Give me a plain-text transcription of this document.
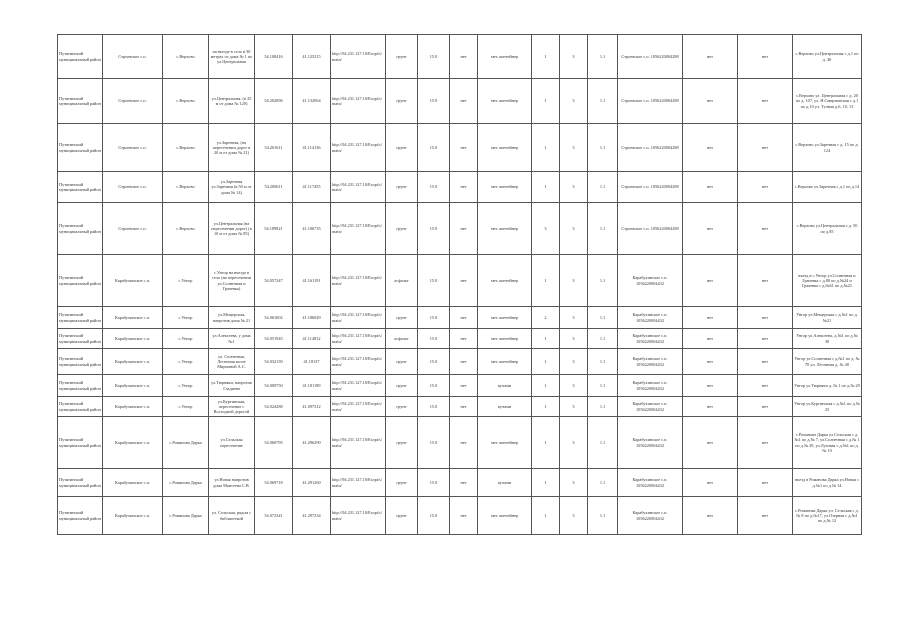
Путятинский муниципальный район	Строевское с.п.	с.Верхово	на въезде в село в 30 метрах от дома № 1 по ул.Центральная	54.108416	41.125215	http://94.231.127.10/Esopt/s/main/	грунт	15.0	нет	мет. контейнер	1	3	1.1	Строевское с.п. 1056220004288	нет	нет	с.Верхово ул.Центральная с д.1 по д. 40
Путятинский муниципальный район	Строевское с.п.	с.Верхово	ул.Центральная, (в 25 м от дома № 120)	54.202096	41.132064	http://94.231.127.10/Esopt/s/main/	грунт	15.0	нет	мет. контейнер	1	3	1.1	Строевское с.п. 1056220004288	нет	нет	с.Верхово ул. Центральная с д. 20 по д. 107, ул. Н.Смирновская с д.1 по д.10 ул. Тучная д.6, 10, 13
Путятинский муниципальный район	Строевское с.п.	с.Верхово	ул.Заречная, (на пересечении дорог в 20 м от дома № 21)	54.201611	41.114136	http://94.231.127.10/Esopt/s/main/	грунт	15.0	нет	мет. контейнер	1	3	1.1	Строевское с.п. 1056220004288	нет	нет	с.Верхово ул.Заречная с д. 15 по д. 124
Путятинский муниципальный район	Строевское с.п.	с.Верхово	ул.Заречная ул.Заречная (в 50 м от дома № 14)	54.200611	41.117455	http://94.231.127.10/Esopt/s/main/	грунт	15.0	нет	мет. контейнер	1	3	1.1	Строевское с.п. 1056220004288	нет	нет	с.Верхово ул.Заречная с д.1 по д.14
Путятинский муниципальный район	Строевское с.п.	с.Верхово	ул.Центральная (на пересечении дорог) (в 10 м от дома № 85)	54.189821	41.106735	http://94.231.127.10/Esopt/s/main/	грунт	15.0	нет	мет. контейнер	3	3	1.1	Строевское с.п. 1056220004288	нет	нет	с.Верхово ул.Центральная с д. 50 по д.85
Путятинский муниципальный район	Карабухинское с.п.	с.Унгор	с.Унгор на въезде в село (на пересечении ул.Солнечная и Грачевка)	54.057347	41.161191	http://94.231.127.10/Esopt/s/main/	асфальт	15.0	нет	мет. контейнер	1	3	1.1	Карабухинское с.п. 1056220004432	нет	нет	въезд в с.Унгор ул.Солнечная и Грачевка с д.80 по д.№24 и Грачевка с д.№61 по д.№21
Путятинский муниципальный район	Карабухинское с.п.	с.Унгор	ул.Мещерская, напротив дома № 21	54.061002	41.186049	http://94.231.127.10/Esopt/s/main/	грунт	15.0	нет	мет. контейнер	2	3	1.1	Карабухинское с.п. 1056220004432	нет	нет	Унгор ул.Мещерская с д.№1 по д.№21
Путятинский муниципальный район	Карабухинское с.п.	с.Унгор	ул.Алексеева, у дома №1	54.051945	41.114812	http://94.231.127.10/Esopt/s/main/	асфальт	15.0	нет	мет. контейнер	1	3	1.1	Карабухинское с.п. 1056220004432	нет	нет	Унгор ул.Алексеева, д.№1 по д.№ 38
Путятинский муниципальный район	Карабухинское с.п.	с.Унгор	ул. Солнечная, Лесничая возле Мирчиной А.С.	54.032139	41.18137	http://94.231.127.10/Esopt/s/main/	грунт	15.0	нет	мет. контейнер	1	3	1.1	Карабухинское с.п. 1056220004432	нет	нет	Унгор ул.Солнечная с д.№1 по д. № 70 ул. Лесничая д. № 40
Путятинский муниципальный район	Карабухинское с.п.	с.Унгор	ул.Тюрняки, напротив Гладиева	54.009750	41.181189	http://94.231.127.10/Esopt/s/main/	грунт	15.0	нет	кучами	1	3	1.1	Карабухинское с.п. 1056220004432	нет	нет	Унгор ул.Тюрняки д. № 1 по д.№ 29
Путятинский муниципальный район	Карабухинское с.п.	с.Унгор	ул.Кургинская, пересечение с Восходной дорогой	54.024288	41.097312	http://94.231.127.10/Esopt/s/main/	грунт	15.0	нет	кучами	1	3	1.1	Карабухинское с.п. 1056220004432	нет	нет	Унгор ул.Кургинская с д.№1 по д.№ 25
Путятинский муниципальный район	Карабухинское с.п.	с.Романова Дарка	ул.Сельская пересечение	54.060795	41.296290	http://94.231.127.10/Esopt/s/main/	грунт	15.0	нет	мет. контейнер	1	3	1.1	Карабухинское с.п. 1056220004432	нет	нет	с.Романова Дарка ул.Сельская с д.№1 по д.№ 7, ул.Солнечная с д.№ 1 по д.№ 29, ул.Луговая с д.№1 по д.№ 10
Путятинский муниципальный район	Карабухинское с.п.	с.Романова Дарка	ул.Новая напротив дома Моисеева С.В.	54.069718	41.291260	http://94.231.127.10/Esopt/s/main/	грунт	15.0	нет	кучами	1	3	1.1	Карабухинское с.п. 1056220004432	нет	нет	въезд в Романова Дарка ул.Новая с д.№1 по д.№ 14
Путятинский муниципальный район	Карабухинское с.п.	с.Романова Дарка	ул. Сельская, рядом с библиотекой	54.072341	41.297234	http://94.231.127.10/Esopt/s/main/	грунт	15.0	нет	мет. контейнер	1	3	1.1	Карабухинское с.п. 1056220004432	нет	нет	с.Романова Дарка ул. Сельская с д.№ 8 по д.№17, ул.Озерная с д.№1 по д.№ 12
